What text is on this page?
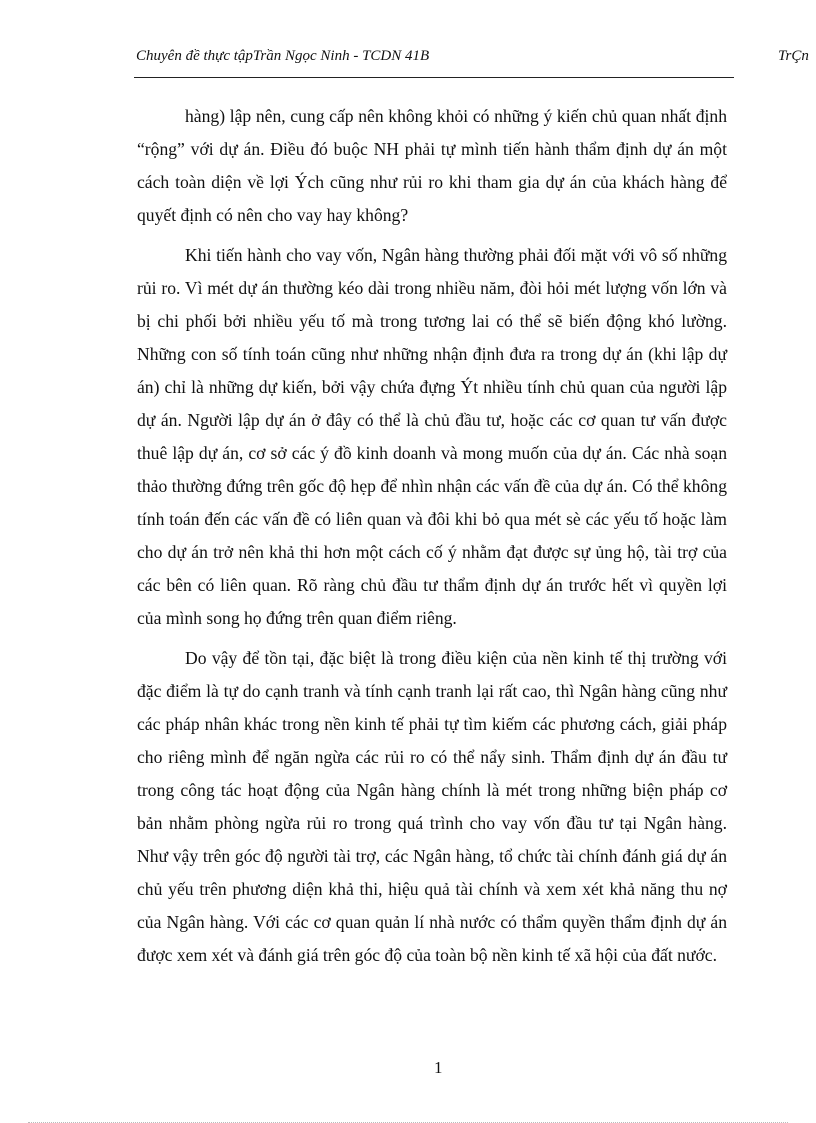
Chuyên đề thực tậpTrần Ngọc Ninh - TCDN 41B	TrÇn

hàng) lập nên, cung cấp nên không khỏi có những ý kiến chủ quan nhất định “rộng” với dự án. Điều đó buộc NH phải tự mình tiến hành thẩm định dự án một cách toàn diện về lợi Ých cũng như rủi ro khi tham gia dự án của khách hàng để quyết định có nên cho vay hay không?

Khi tiến hành cho vay vốn, Ngân hàng thường phải đối mặt với vô số những rủi ro. Vì mét dự án thường kéo dài trong nhiều năm, đòi hỏi mét lượng vốn lớn và bị chi phối bởi nhiều yếu tố mà trong tương lai có thể sẽ biến động khó lường. Những con số tính toán cũng như những nhận định đưa ra trong dự án (khi lập dự án) chỉ là những dự kiến, bởi vậy chứa đựng Ýt nhiều tính chủ quan của người lập dự án. Người lập dự án ở đây có thể là chủ đầu tư, hoặc các cơ quan tư vấn được thuê lập dự án, cơ sở các ý đồ kinh doanh và mong muốn của dự án. Các nhà soạn thảo thường đứng trên gốc độ hẹp để nhìn nhận các vấn đề của dự án. Có thể không tính toán đến các vấn đề có liên quan và đôi khi bỏ qua mét sè các yếu tố hoặc làm cho dự án trở nên khả thi hơn một cách cố ý nhằm đạt được sự ủng hộ, tài trợ của các bên có liên quan. Rõ ràng chủ đầu tư thẩm định dự án trước hết vì quyền lợi của mình song họ đứng trên quan điểm riêng.

Do vậy để tồn tại, đặc biệt là trong điều kiện của nền kinh tế thị trường với đặc điểm là tự do cạnh tranh và tính cạnh tranh lại rất cao, thì Ngân hàng cũng như các pháp nhân khác trong nền kinh tế phải tự tìm kiếm các phương cách, giải pháp cho riêng mình để ngăn ngừa các rủi ro có thể nẩy sinh. Thẩm định dự án đầu tư trong công tác hoạt động của Ngân hàng chính là mét trong những biện pháp cơ bản nhằm phòng ngừa rủi ro trong quá trình cho vay vốn đầu tư tại Ngân hàng. Như vậy trên góc độ người tài trợ, các Ngân hàng, tổ chức tài chính đánh giá dự án chủ yếu trên phương diện khả thi, hiệu quả tài chính và xem xét khả năng thu nợ của Ngân hàng. Với các cơ quan quản lí nhà nước có thẩm quyền thẩm định dự án được xem xét và đánh giá trên góc độ của toàn bộ nền kinh tế xã hội của đất nước.

1
